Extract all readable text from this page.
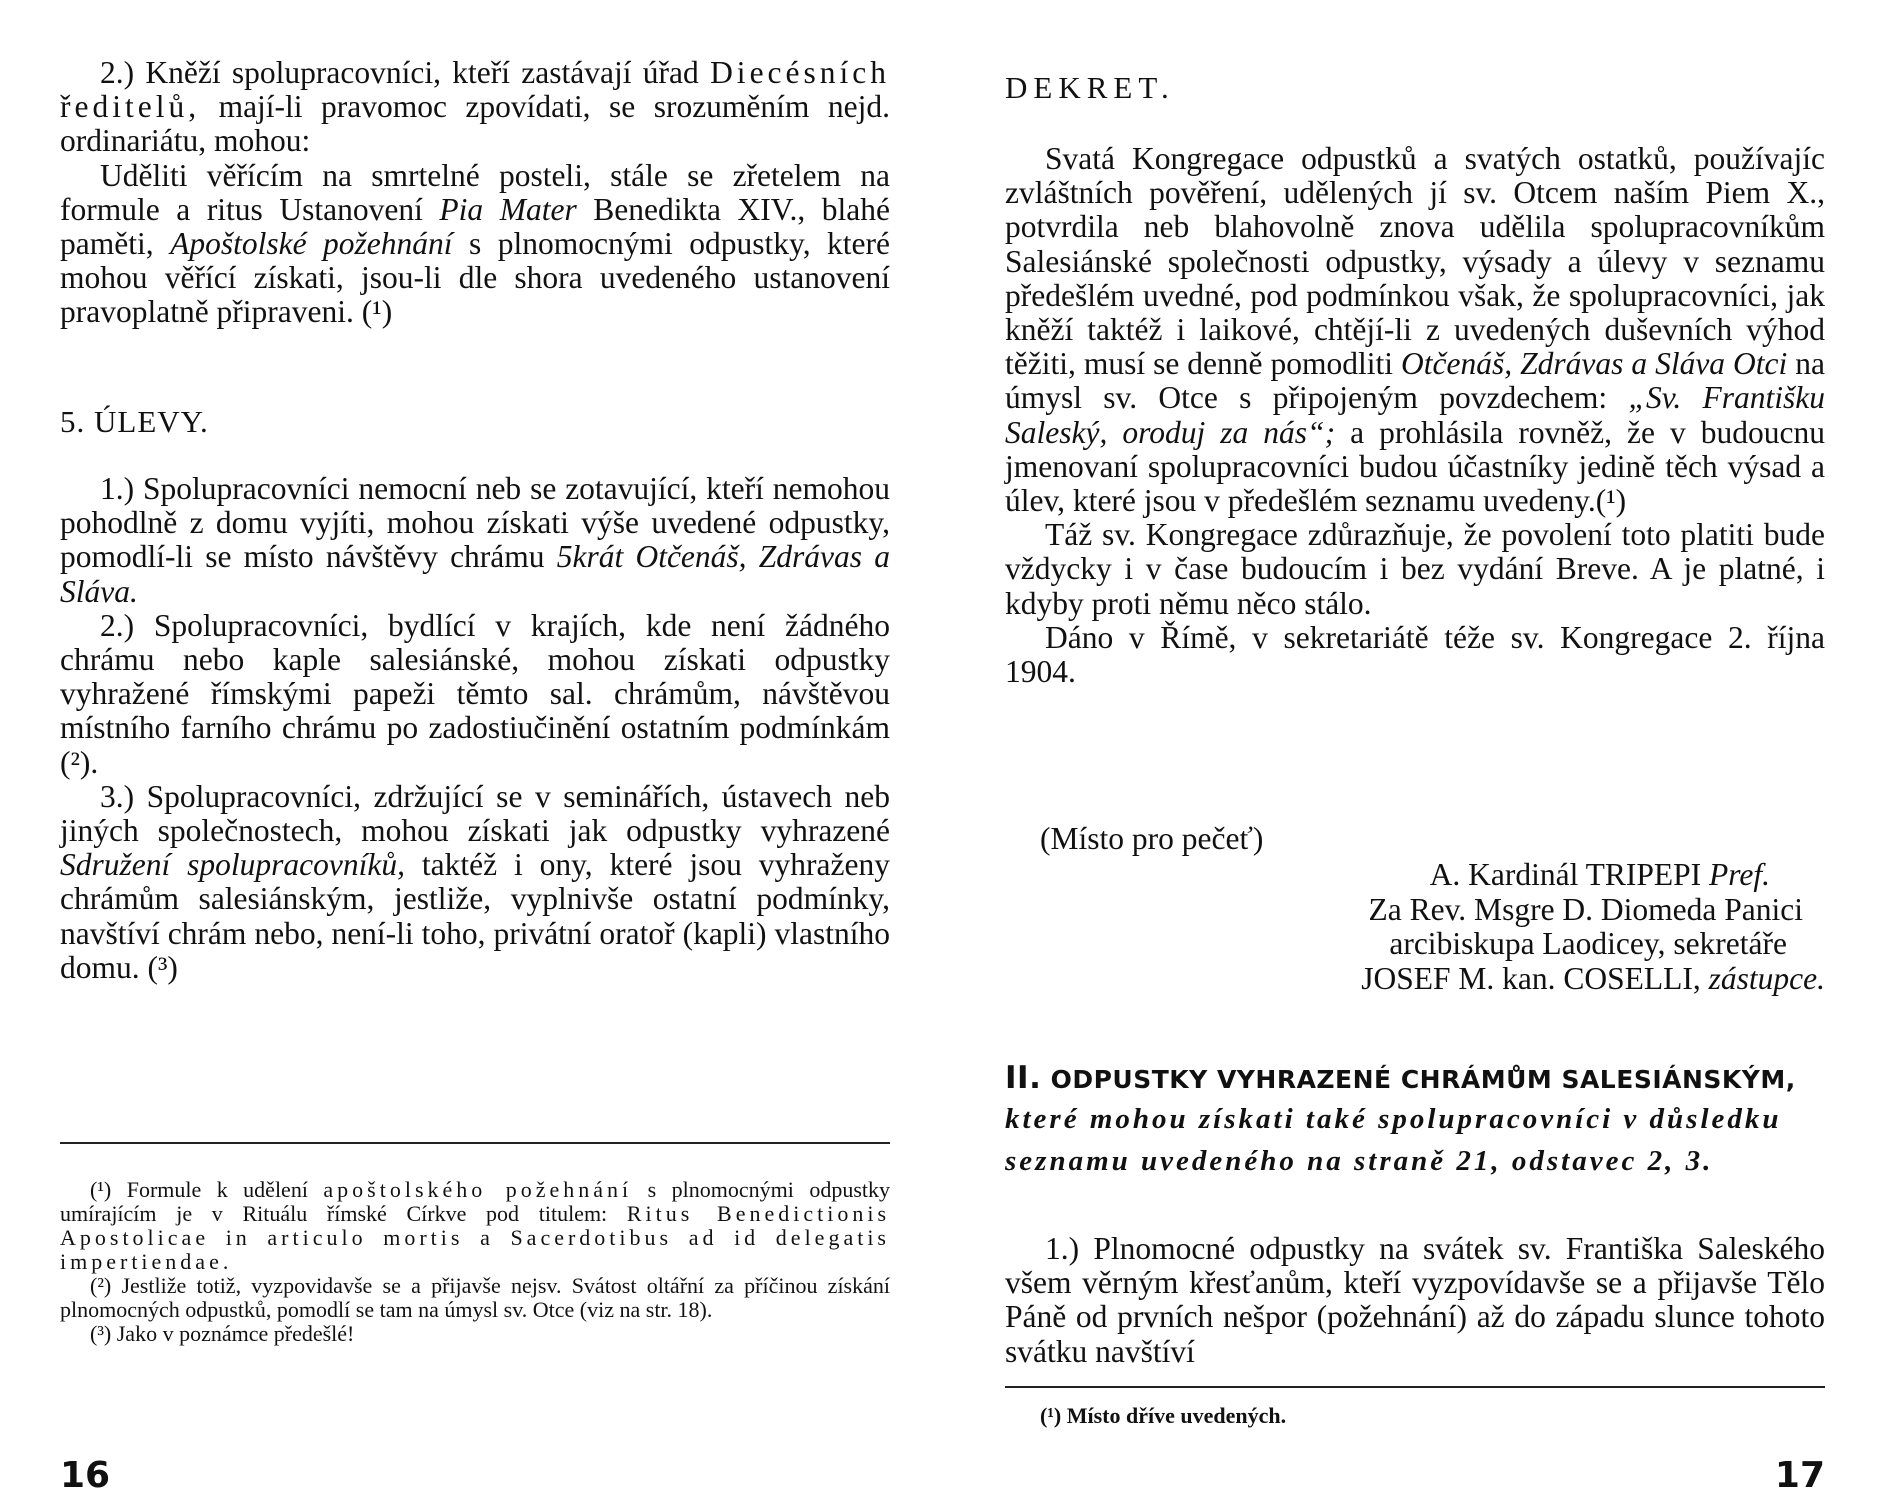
2.) Kněží spolupracovníci, kteří zastávají úřad Diecésních ředitelů, mají-li pravomoc zpovídati, se srozuměním nejd. ordinariátu, mohou:

Uděliti věřícím na smrtelné posteli, stále se zřetelem na formule a ritus Ustanovení Pia Mater Benedikta XIV., blahé paměti, Apoštolské požehnání s plnomocnými odpustky, které mohou věřící získati, jsou-li dle shora uvedeného ustanovení pravoplatně připraveni. (¹)

5. ÚLEVY.

1.) Spolupracovníci nemocní neb se zotavující, kteří nemohou pohodlně z domu vyjíti, mohou získati výše uvedené odpustky, pomodlí-li se místo návštěvy chrámu 5krát Otčenáš, Zdrávas a Sláva.

2.) Spolupracovníci, bydlící v krajích, kde není žádného chrámu nebo kaple salesiánské, mohou získati odpustky vyhražené římskými papeži těmto sal. chrámům, návštěvou místního farního chrámu po zadostiučinění ostatním podmínkám (²).

3.) Spolupracovníci, zdržující se v seminářích, ústavech neb jiných společnostech, mohou získati jak odpustky vyhrazené Sdružení spolupracovníků, taktéž i ony, které jsou vyhraženy chrámům salesiánským, jestliže, vyplnivše ostatní podmínky, navštíví chrám nebo, není-li toho, privátní oratoř (kapli) vlastního domu. (³)

(¹) Formule k udělení apoštolského požehnání s plnomocnými odpustky umírajícím je v Rituálu římské Církve pod titulem: Ritus Benedictionis Apostolicae in articulo mortis a Sacerdotibus ad id delegatis impertiendae.

(²) Jestliže totiž, vyzpovidavše se a přijavše nejsv. Svátost oltářní za příčinou získání plnomocných odpustků, pomodlí se tam na úmysl sv. Otce (viz na str. 18).

(³) Jako v poznámce předešlé!

16
DEKRET.

Svatá Kongregace odpustků a svatých ostatků, používajíc zvláštních pověření, udělených jí sv. Otcem naším Piem X., potvrdila neb blahovolně znova udělila spolupracovníkům Salesiánské společnosti odpustky, výsady a úlevy v seznamu předešlém uvedné, pod podmínkou však, že spolupracovníci, jak kněží taktéž i laikové, chtějí-li z uvedených duševních výhod těžiti, musí se denně pomodliti Otčenáš, Zdrávas a Sláva Otci na úmysl sv. Otce s připojeným povzdechem: „Sv. Františku Saleský, oroduj za nás“; a prohlásila rovněž, že v budoucnu jmenovaní spolupracovníci budou účastníky jedině těch výsad a úlev, které jsou v předešlém seznamu uvedeny.(¹)

Táž sv. Kongregace zdůrazňuje, že povolení toto platiti bude vždycky i v čase budoucím i bez vydání Breve. A je platné, i kdyby proti němu něco stálo.

Dáno v Římě, v sekretariátě téže sv. Kongregace 2. října 1904.

(Místo pro pečeť)

A. Kardinál TRIPEPI Pref.

Za Rev. Msgre D. Diomeda Panici

arcibiskupa Laodicey, sekretáře

JOSEF M. kan. COSELLI, zástupce.

II. ODPUSTKY VYHRAZENÉ CHRÁMŮM SALESIÁNSKÝM,
které mohou získati také spolupracovníci v důsledku seznamu uvedeného na straně 21, odstavec 2, 3.

1.) Plnomocné odpustky na svátek sv. Františka Saleského všem věrným křesťanům, kteří vyzpovídavše se a přijavše Tělo Páně od prvních nešpor (požehnání) až do západu slunce tohoto svátku navštíví

(¹) Místo dříve uvedených.
17
